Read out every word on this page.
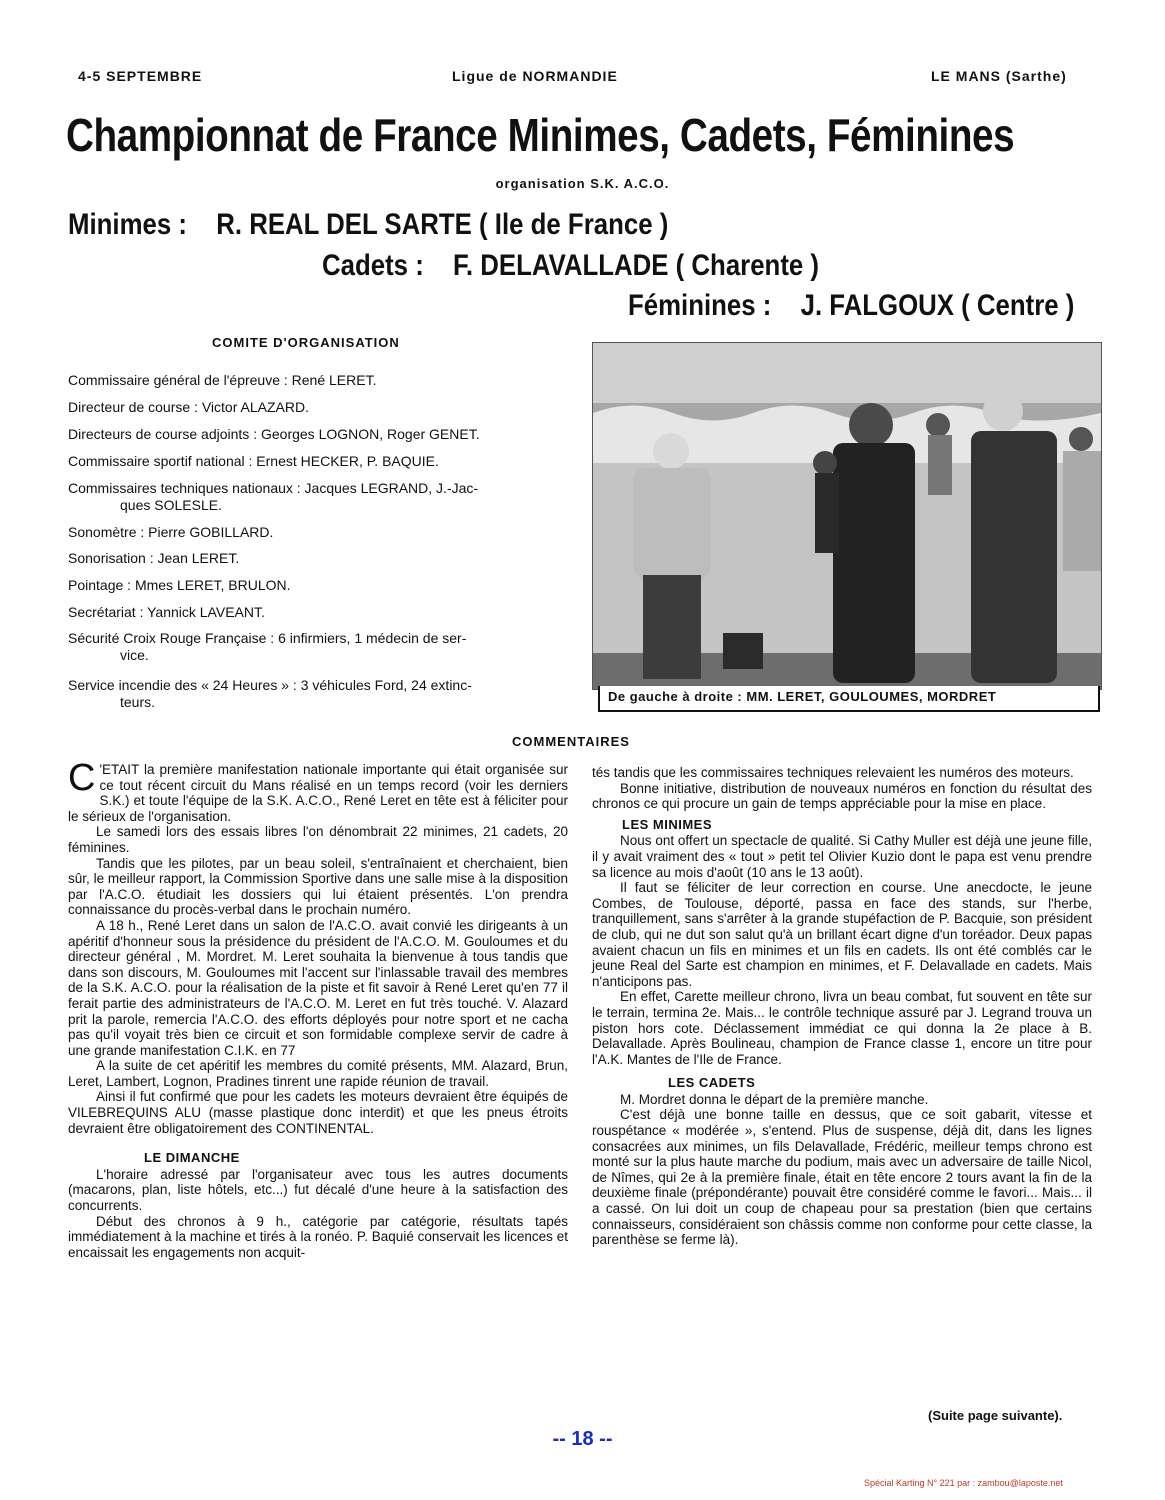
4-5 SEPTEMBRE	Ligue de NORMANDIE	LE MANS (Sarthe)
Championnat de France Minimes, Cadets, Féminines
organisation S.K. A.C.O.
Minimes : R. REAL DEL SARTE ( Ile de France )
Cadets : F. DELAVALLADE ( Charente )
Féminines : J. FALGOUX ( Centre )
COMITE D'ORGANISATION
Commissaire général de l'épreuve : René LERET.
Directeur de course : Victor ALAZARD.
Directeurs de course adjoints : Georges LOGNON, Roger GENET.
Commissaire sportif national : Ernest HECKER, P. BAQUIE.
Commissaires techniques nationaux : Jacques LEGRAND, J.-Jac-
ques SOLESLE.
Sonomètre : Pierre GOBILLARD.
Sonorisation : Jean LERET.
Pointage : Mmes LERET, BRULON.
Secrétariat : Yannick LAVEANT.
Sécurité Croix Rouge Française : 6 infirmiers, 1 médecin de ser-
vice.
Service incendie des « 24 Heures » : 3 véhicules Ford, 24 extinc-
teurs.	De gauche à droite : MM. LERET, GOULOUMES, MORDRET
COMMENTAIRES

C 'ETAIT la première manifestation nationale importante qui était organisée sur ce tout récent circuit du Mans réalisé en un temps record (voir les derniers S.K.) et toute l'équipe de la S.K. A.C.O., René Leret en tête est à féliciter pour le sérieux de l'organisation.

Le samedi lors des essais libres l'on dénombrait 22 minimes, 21 cadets, 20 féminines.

Tandis que les pilotes, par un beau soleil, s'entraînaient et cherchaient, bien sûr, le meilleur rapport, la Commission Sportive dans une salle mise à la disposition par l'A.C.O. étudiait les dossiers qui lui étaient présentés. L'on prendra connaissance du procès-verbal dans le prochain numéro.

A 18 h., René Leret dans un salon de l'A.C.O. avait convié les dirigeants à un apéritif d'honneur sous la présidence du président de l'A.C.O. M. Gouloumes et du directeur général , M. Mordret. M. Leret souhaita la bienvenue à tous tandis que dans son discours, M. Gouloumes mit l'accent sur l'inlassable travail des membres de la S.K. A.C.O. pour la réalisation de la piste et fit savoir à René Leret qu'en 77 il ferait partie des administrateurs de l'A.C.O. M. Leret en fut très touché. V. Alazard prit la parole, remercia l'A.C.O. des efforts déployés pour notre sport et ne cacha pas qu'il voyait très bien ce circuit et son formidable complexe servir de cadre à une grande manifestation C.I.K. en 77

A la suite de cet apéritif les membres du comité présents, MM. Alazard, Brun, Leret, Lambert, Lognon, Pradines tinrent une rapide réunion de travail.

Ainsi il fut confirmé que pour les cadets les moteurs devraient être équipés de VILEBREQUINS ALU (masse plastique donc interdit) et que les pneus étroits devraient être obligatoirement des CONTINENTAL.

LE DIMANCHE

L'horaire adressé par l'organisateur avec tous les autres documents (macarons, plan, liste hôtels, etc...) fut décalé d'une heure à la satisfaction des concurrents.

Début des chronos à 9 h., catégorie par catégorie, résultats tapés immédiatement à la machine et tirés à la ronéo. P. Baquié conservait les licences et encaissait les engagements non acquit-

tés tandis que les commissaires techniques relevaient les numéros des moteurs.

Bonne initiative, distribution de nouveaux numéros en fonction du résultat des chronos ce qui procure un gain de temps appréciable pour la mise en place.

LES MINIMES

Nous ont offert un spectacle de qualité. Si Cathy Muller est déjà une jeune fille, il y avait vraiment des « tout » petit tel Olivier Kuzio dont le papa est venu prendre sa licence au mois d'août (10 ans le 13 août).

Il faut se féliciter de leur correction en course. Une anecdocte, le jeune Combes, de Toulouse, déporté, passa en face des stands, sur l'herbe, tranquillement, sans s'arrêter à la grande stupéfaction de P. Bacquie, son président de club, qui ne dut son salut qu'à un brillant écart digne d'un toréador. Deux papas avaient chacun un fils en minimes et un fils en cadets. Ils ont été comblés car le jeune Real del Sarte est champion en minimes, et F. Delavallade en cadets. Mais n'anticipons pas.

En effet, Carette meilleur chrono, livra un beau combat, fut souvent en tête sur le terrain, termina 2e. Mais... le contrôle technique assuré par J. Legrand trouva un piston hors cote. Déclassement immédiat ce qui donna la 2e place à B. Delavallade. Après Boulineau, champion de France classe 1, encore un titre pour l'A.K. Mantes de l'Ile de France.

LES CADETS

M. Mordret donna le départ de la première manche.

C'est déjà une bonne taille en dessus, que ce soit gabarit, vitesse et rouspétance « modérée », s'entend. Plus de suspense, déjà dit, dans les lignes consacrées aux minimes, un fils Delavallade, Frédéric, meilleur temps chrono est monté sur la plus haute marche du podium, mais avec un adversaire de taille Nicol, de Nîmes, qui 2e à la première finale, était en tête encore 2 tours avant la fin de la deuxième finale (prépondérante) pouvait être considéré comme le favori... Mais... il a cassé. On lui doit un coup de chapeau pour sa prestation (bien que certains connaisseurs, considéraient son châssis comme non conforme pour cette classe, la parenthèse se ferme là).

(Suite page suivante).
-- 18 --
Spécial Karting N° 221 par : zambou@laposte.net
